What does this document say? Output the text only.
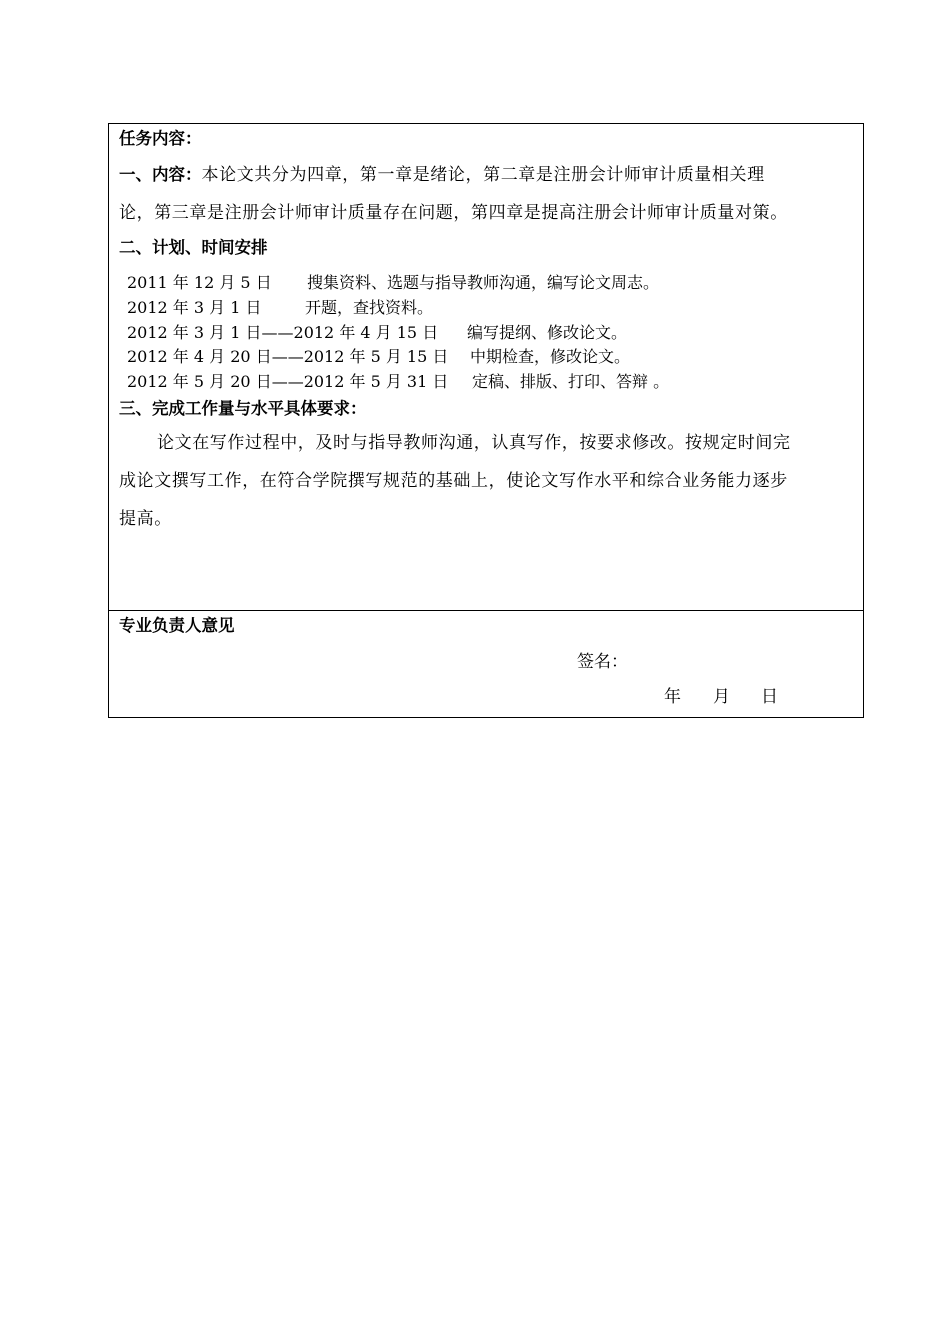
任务内容：
一、内容：本论文共分为四章，第一章是绪论，第二章是注册会计师审计质量相关理
论，第三章是注册会计师审计质量存在问题，第四章是提高注册会计师审计质量对策。
二、计划、时间安排
2011 年 12 月 5 日 搜集资料、选题与指导教师沟通，编写论文周志。
2012 年 3 月 1 日	开题，查找资料。
2012 年 3 月 1 日——2012 年 4 月 15 日 编写提纲、修改论文。
2012 年 4 月 20 日——2012 年 5 月 15 日 中期检查，修改论文。
2012 年 5 月 20 日——2012 年 5 月 31 日 定稿、排版、打印、答辩 。
三、完成工作量与水平具体要求：
论文在写作过程中，及时与指导教师沟通，认真写作，按要求修改。按规定时间完
成论文撰写工作，在符合学院撰写规范的基础上，使论文写作水平和综合业务能力逐步
提高。
专业负责人意见
签名：
年 月 日
